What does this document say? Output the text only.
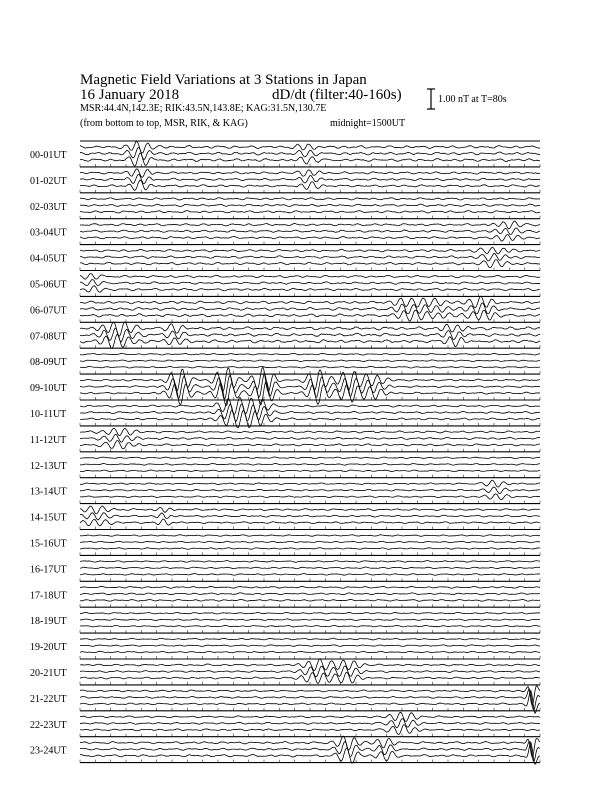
Magnetic Field Variations at 3 Stations in Japan
16 January 2018	dD/dt (filter:40-160s)
MSR:44.4N,142.3E; RIK:43.5N,143.8E; KAG:31.5N,130.7E
(from bottom to top, MSR, RIK, & KAG)	midnight=1500UT
1.00 nT at T=80s
00-01UT
01-02UT
02-03UT
03-04UT
04-05UT
05-06UT
06-07UT
07-08UT
08-09UT
09-10UT
10-11UT
11-12UT
12-13UT
13-14UT
14-15UT
15-16UT
16-17UT
17-18UT
18-19UT
19-20UT
20-21UT
21-22UT
22-23UT
23-24UT
